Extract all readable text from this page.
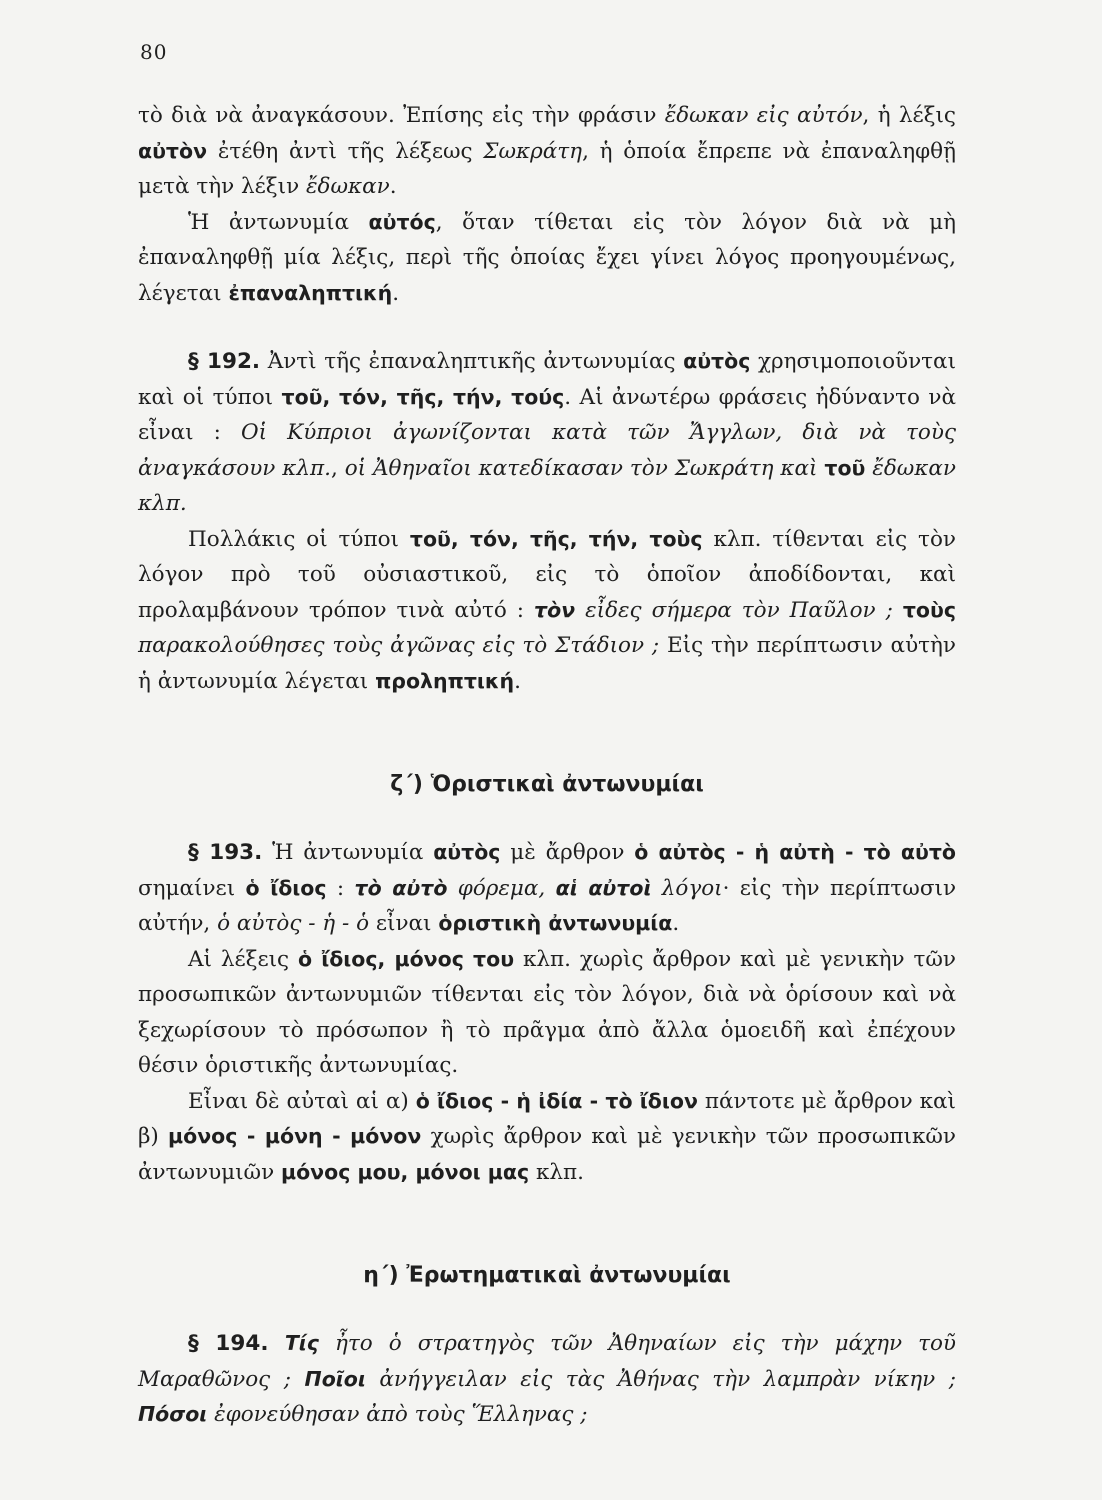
80

τὸ διὰ νὰ ἀναγκάσουν. Ἐπίσης εἰς τὴν φράσιν ἔδωκαν εἰς αὐτόν, ἡ λέξις αὐτὸν ἐτέθη ἀντὶ τῆς λέξεως Σωκράτη, ἡ ὁποία ἔπρεπε νὰ ἐπαναληφθῇ μετὰ τὴν λέξιν ἔδωκαν.

Ἡ ἀντωνυμία αὐτός, ὅταν τίθεται εἰς τὸν λόγον διὰ νὰ μὴ ἐπαναληφθῇ μία λέξις, περὶ τῆς ὁποίας ἔχει γίνει λόγος προηγουμένως, λέγεται ἐπαναληπτική.

§ 192. Ἀντὶ τῆς ἐπαναληπτικῆς ἀντωνυμίας αὐτὸς χρησιμοποιοῦνται καὶ οἱ τύποι τοῦ, τόν, τῆς, τήν, τούς. Αἱ ἀνωτέρω φράσεις ἠδύναντο νὰ εἶναι : Οἱ Κύπριοι ἀγωνίζονται κατὰ τῶν Ἄγγλων, διὰ νὰ τοὺς ἀναγκάσουν κλπ., οἱ Ἀθηναῖοι κατεδίκασαν τὸν Σωκράτη καὶ τοῦ ἔδωκαν κλπ.

Πολλάκις οἱ τύποι τοῦ, τόν, τῆς, τήν, τοὺς κλπ. τίθενται εἰς τὸν λόγον πρὸ τοῦ οὐσιαστικοῦ, εἰς τὸ ὁποῖον ἀποδίδονται, καὶ προλαμβάνουν τρόπον τινὰ αὐτό : τὸν εἶδες σήμερα τὸν Παῦλον ; τοὺς παρακολούθησες τοὺς ἀγῶνας εἰς τὸ Στάδιον ; Εἰς τὴν περίπτωσιν αὐτὴν ἡ ἀντωνυμία λέγεται προληπτική.

ζ΄) Ὁριστικαὶ ἀντωνυμίαι

§ 193. Ἡ ἀντωνυμία αὐτὸς μὲ ἄρθρον ὁ αὐτὸς - ἡ αὐτὴ - τὸ αὐτὸ σημαίνει ὁ ἴδιος : τὸ αὐτὸ φόρεμα, αἱ αὐτοὶ λόγοι· εἰς τὴν περίπτωσιν αὐτήν, ὁ αὐτὸς - ἡ - ὁ εἶναι ὁριστικὴ ἀντωνυμία.

Αἱ λέξεις ὁ ἴδιος, μόνος του κλπ. χωρὶς ἄρθρον καὶ μὲ γενικὴν τῶν προσωπικῶν ἀντωνυμιῶν τίθενται εἰς τὸν λόγον, διὰ νὰ ὁρίσουν καὶ νὰ ξεχωρίσουν τὸ πρόσωπον ἢ τὸ πρᾶγμα ἀπὸ ἄλλα ὁμοειδῆ καὶ ἐπέχουν θέσιν ὁριστικῆς ἀντωνυμίας.

Εἶναι δὲ αὐταὶ αἱ α) ὁ ἴδιος - ἡ ἰδία - τὸ ἴδιον πάντοτε μὲ ἄρθρον καὶ β) μόνος - μόνη - μόνον χωρὶς ἄρθρον καὶ μὲ γενικὴν τῶν προσωπικῶν ἀντωνυμιῶν μόνος μου, μόνοι μας κλπ.

η΄) Ἐρωτηματικαὶ ἀντωνυμίαι

§ 194. Τίς ἦτο ὁ στρατηγὸς τῶν Ἀθηναίων εἰς τὴν μάχην τοῦ Μαραθῶνος ; Ποῖοι ἀνήγγειλαν εἰς τὰς Ἀθήνας τὴν λαμπρὰν νίκην ; Πόσοι ἐφονεύθησαν ἀπὸ τοὺς Ἕλληνας ;
